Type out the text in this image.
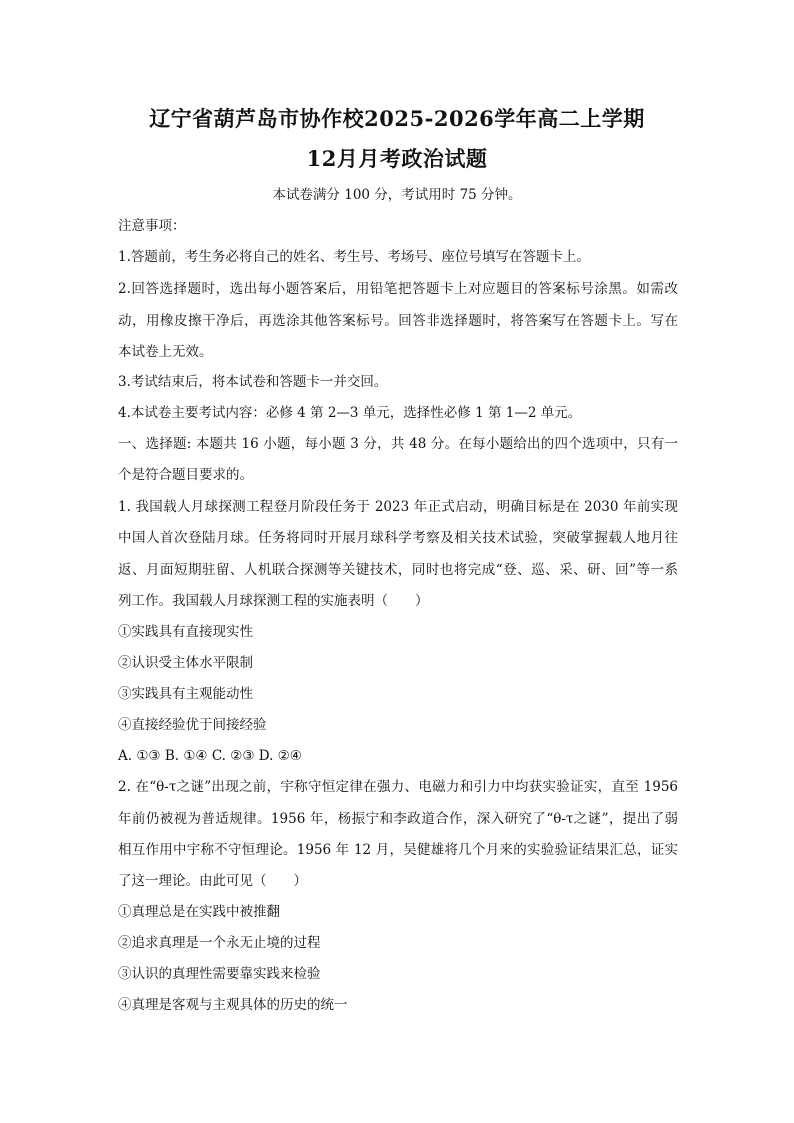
辽宁省葫芦岛市协作校2025-2026学年高二上学期
12月月考政治试题
本试卷满分 100 分，考试用时 75 分钟。
注意事项：
1.答题前，考生务必将自己的姓名、考生号、考场号、座位号填写在答题卡上。
2.回答选择题时，选出每小题答案后，用铅笔把答题卡上对应题目的答案标号涂黑。如需改
动，用橡皮擦干净后，再选涂其他答案标号。回答非选择题时，将答案写在答题卡上。写在
本试卷上无效。
3.考试结束后，将本试卷和答题卡一并交回。
4.本试卷主要考试内容：必修 4 第 2—3 单元，选择性必修 1 第 1—2 单元。
一、选择题: 本题共 16 小题，每小题 3 分，共 48 分。在每小题给出的四个选项中，只有一
个是符合题目要求的。
1. 我国载人月球探测工程登月阶段任务于 2023 年正式启动，明确目标是在 2030 年前实现
中国人首次登陆月球。任务将同时开展月球科学考察及相关技术试验，突破掌握载人地月往
返、月面短期驻留、人机联合探测等关键技术，同时也将完成“登、巡、采、研、回”等一系
列工作。我国载人月球探测工程的实施表明（　　）
①实践具有直接现实性
②认识受主体水平限制
③实践具有主观能动性
④直接经验优于间接经验
A. ①③ B. ①④ C. ②③ D. ②④
2. 在“θ-τ之谜”出现之前，宇称守恒定律在强力、电磁力和引力中均获实验证实，直至 1956
年前仍被视为普适规律。1956 年，杨振宁和李政道合作，深入研究了“θ-τ之谜”，提出了弱
相互作用中宇称不守恒理论。1956 年 12 月，吴健雄将几个月来的实验验证结果汇总，证实
了这一理论。由此可见（　　）
①真理总是在实践中被推翻
②追求真理是一个永无止境的过程
③认识的真理性需要靠实践来检验
④真理是客观与主观具体的历史的统一
